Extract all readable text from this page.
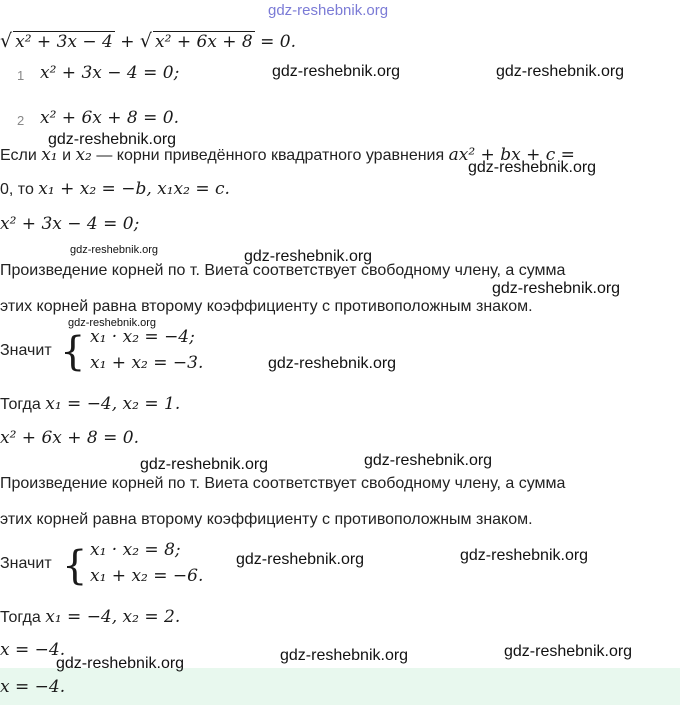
gdz-reshebnik.org
√ x² + 3x − 4 + √ x² + 6x + 8 = 0.
1 x² + 3x − 4 = 0;	gdz-reshebnik.org	gdz-reshebnik.org
2 x² + 6x + 8 = 0.
gdz-reshebnik.org
Если x₁ и x₂ — корни приведённого квадратного уравнения ax² + bx + c =
gdz-reshebnik.org
0, то x₁ + x₂ = −b, x₁x₂ = c.
x² + 3x − 4 = 0;
gdz-reshebnik.org	gdz-reshebnik.org
Произведение корней по т. Виета соответствует свободному члену, а сумма
gdz-reshebnik.org
этих корней равна второму коэффициенту с противоположным знаком.
gdz-reshebnik.org
Значит { x₁ · x₂ = −4;
x₁ + x₂ = −3.	gdz-reshebnik.org
Тогда x₁ = −4, x₂ = 1.
x² + 6x + 8 = 0.
gdz-reshebnik.org	gdz-reshebnik.org
Произведение корней по т. Виета соответствует свободному члену, а сумма
этих корней равна второму коэффициенту с противоположным знаком.
Значит { x₁ · x₂ = 8;
x₁ + x₂ = −6.
gdz-reshebnik.org	gdz-reshebnik.org
Тогда x₁ = −4, x₂ = 2.
x = −4.
gdz-reshebnik.org	gdz-reshebnik.org	gdz-reshebnik.org
x = −4.
